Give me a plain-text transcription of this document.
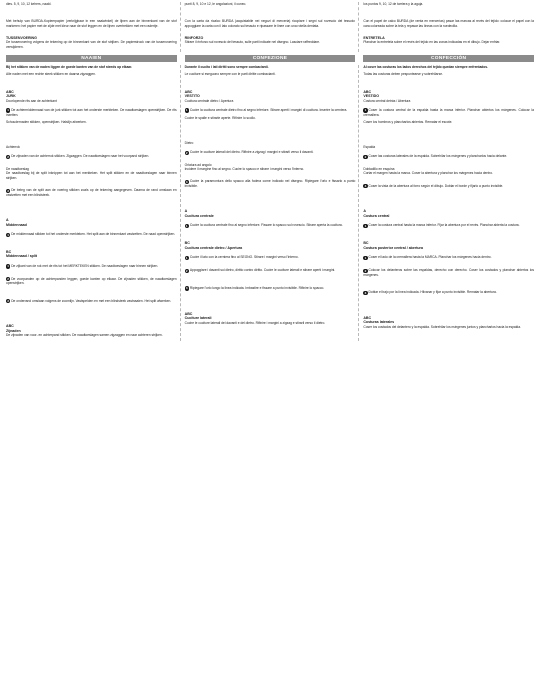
dies. 5, 9, 10, 12 kehers, naald.

Met behulp van BURDA-Kopieerpapier (verkrijgbaar in een naaiwinkel) de lijnen aan de binnenkant van de stof markeren: het papier met de zijde met kleur naar de stof leggen en de lijnen overtrekken met een radertje.

TUSSENVOERING

De tussenvoering volgens de tekening op de binnenkant van de stof strijken. De papierstrook van de tussenvoering verwijderen.

punti 8, 9, 10 e 12, le angolazioni, il cuneo.

Con la carta da ricalco BURDA (acquistabile nei negozi di merceria) ricopiare i segni sul rovescio del tessuto: appoggiare la carta con il lato colorato sul tessuto e ripassare le linee con una rotella dentata.

RINFORZO

Stirare il rinforzo sul rovescio del tessuto, sulle parti indicate nel disegno. Lasciare raffreddare.

los puntos 9, 10, 12 de tarriera y la aguja.

Con el papel de calco BURDA (de venta en mercerías) pasar las marcas al revés del tejido: colocar el papel con la cara coloreada sobre la tela y repasar las líneas con la ruedecilla.

ENTRETELA

Planchar la entretela sobre el revés del tejido en las zonas indicadas en el dibujo. Dejar enfriar.

NAAIEN	CONFEZIONE	CONFECCIÓN

Bij het stikken van de naden liggen de goede kanten van de stof steeds op elkaar.

Alle naden met een rechte steek stikken en daarna zigzaggen.

ABC

JURK

Doorlopende rits aan de achterkant

1 De achtermiddennaad van de jurk stikken tot aan het onderste merkteken. De naadtoeslagen openstrijken. De rits inzetten.

Schoudernaden stikken, openstrijken. Halslijn afwerken.

Achterrok

2 De zijnaden van de achterrok stikken. Zigzaggen. De naadtoeslagen naar het voorpand strijken.

De naadtoeslag

De naadtoeslag bij de split inknippen tot aan het merkteken. Het split stikken en de naadtoeslagen naar binnen strijken.

3 De beleg van de split aan de voering stikken zoals op de tekening aangegeven. Daarna de rand omslaan en vastzetten met een blindsteek.

A

Middennaad

1 De middennaad stikken tot het onderste merkteken. Het split aan de binnenkant vastzetten. De naad openstrijken.

BC

Middennaad / split

1 De zijkant van de rok met de rits tot het MERKTEKEN stikken. De naadtoeslagen naar binnen strijken.

2 De voorpanden op de achterpanden leggen, goede kanten op elkaar. De zijnaden stikken, de naadtoeslagen openstrijken.

3 De onderrand omslaan volgens de zoomlijn. Vastspelden en met een blindsteek vastnaaien. Het split afwerken.

ABC

Zijnaden

De zijnaden van voor- en achterpand stikken. De naadtoeslagen samen zigzaggen en naar achteren strijken.

Durante il cucito i lati diritti sono sempre combacianti.

Le cuciture si eseguono sempre con le parti diritte combacianti.

ABC

VESTITO

Cucitura centrale dietro / Apertura

1 Cucire la cucitura centrale dietro fino al segno inferiore. Stirare aperti i margini di cucitura. Inserire la cerniera.

Cucire le spalle e stirarle aperte. Rifinire lo scollo.

Dietro

2 Cucire le cuciture laterali del dietro. Rifinire a zigzag i margini e stirarli verso il davanti.

Orlatura ad angolo

Incidere il margine fino al segno. Cucire lo spacco e stirare i margini verso l'interno.

3 Cucire la paramontura dello spacco alla fodera come indicato nel disegno. Ripiegare l'orlo e fissarlo a punto invisibile.

A

Cucitura centrale

1 Cucire la cucitura centrale fino al segno inferiore. Fissare lo spacco sul rovescio. Stirare aperta la cucitura.

BC

Cucitura centrale dietro / Apertura

1 Cucire il lato con la cerniera fino al SEGNO. Stirare i margini verso l'interno.

2 Appoggiare i davanti sui dietro, diritto contro diritto. Cucire le cuciture laterali e stirare aperti i margini.

3 Ripiegare l'orlo lungo la linea indicata. Imbastire e fissare a punto invisibile. Rifinire lo spacco.

ABC

Cuciture laterali

Cucire le cuciture laterali del davanti e del dietro. Rifinire i margini a zigzag e stirarli verso il dietro.

Al coser las costuras los lados derechos del tejido quedan siempre enfrentados.

Todas las costuras deben pespuntearse y sobrehilarse.

ABC

VESTIDO

Costura central detrás / Abertura

1 Coser la costura central de la espalda hasta la marca inferior. Planchar abiertos los márgenes. Colocar la cremallera.

Coser los hombros y plancharlos abiertos. Rematar el escote.

Espalda

2 Coser las costuras laterales de la espalda. Sobrehilar los márgenes y plancharlos hacia delante.

Dobladillo en esquina

Cortar el margen hasta la marca. Coser la abertura y planchar los márgenes hacia dentro.

3 Coser la vista de la abertura al forro según el dibujo. Doblar el borde y fijarlo a punto invisible.

A

Costura central

1 Coser la costura central hasta la marca inferior. Fijar la abertura por el revés. Planchar abierta la costura.

BC

Costura posterior central / abertura

1 Coser el lado de la cremallera hasta la MARCA. Planchar los márgenes hacia dentro.

2 Colocar los delanteros sobre las espaldas, derecho con derecho. Coser los costados y planchar abiertos los márgenes.

3 Doblar el bajo por la línea indicada. Hilvanar y fijar a punto invisible. Rematar la abertura.

ABC

Costuras laterales

Coser los costados del delantero y la espalda. Sobrehilar los márgenes juntos y plancharlos hacia la espalda.
